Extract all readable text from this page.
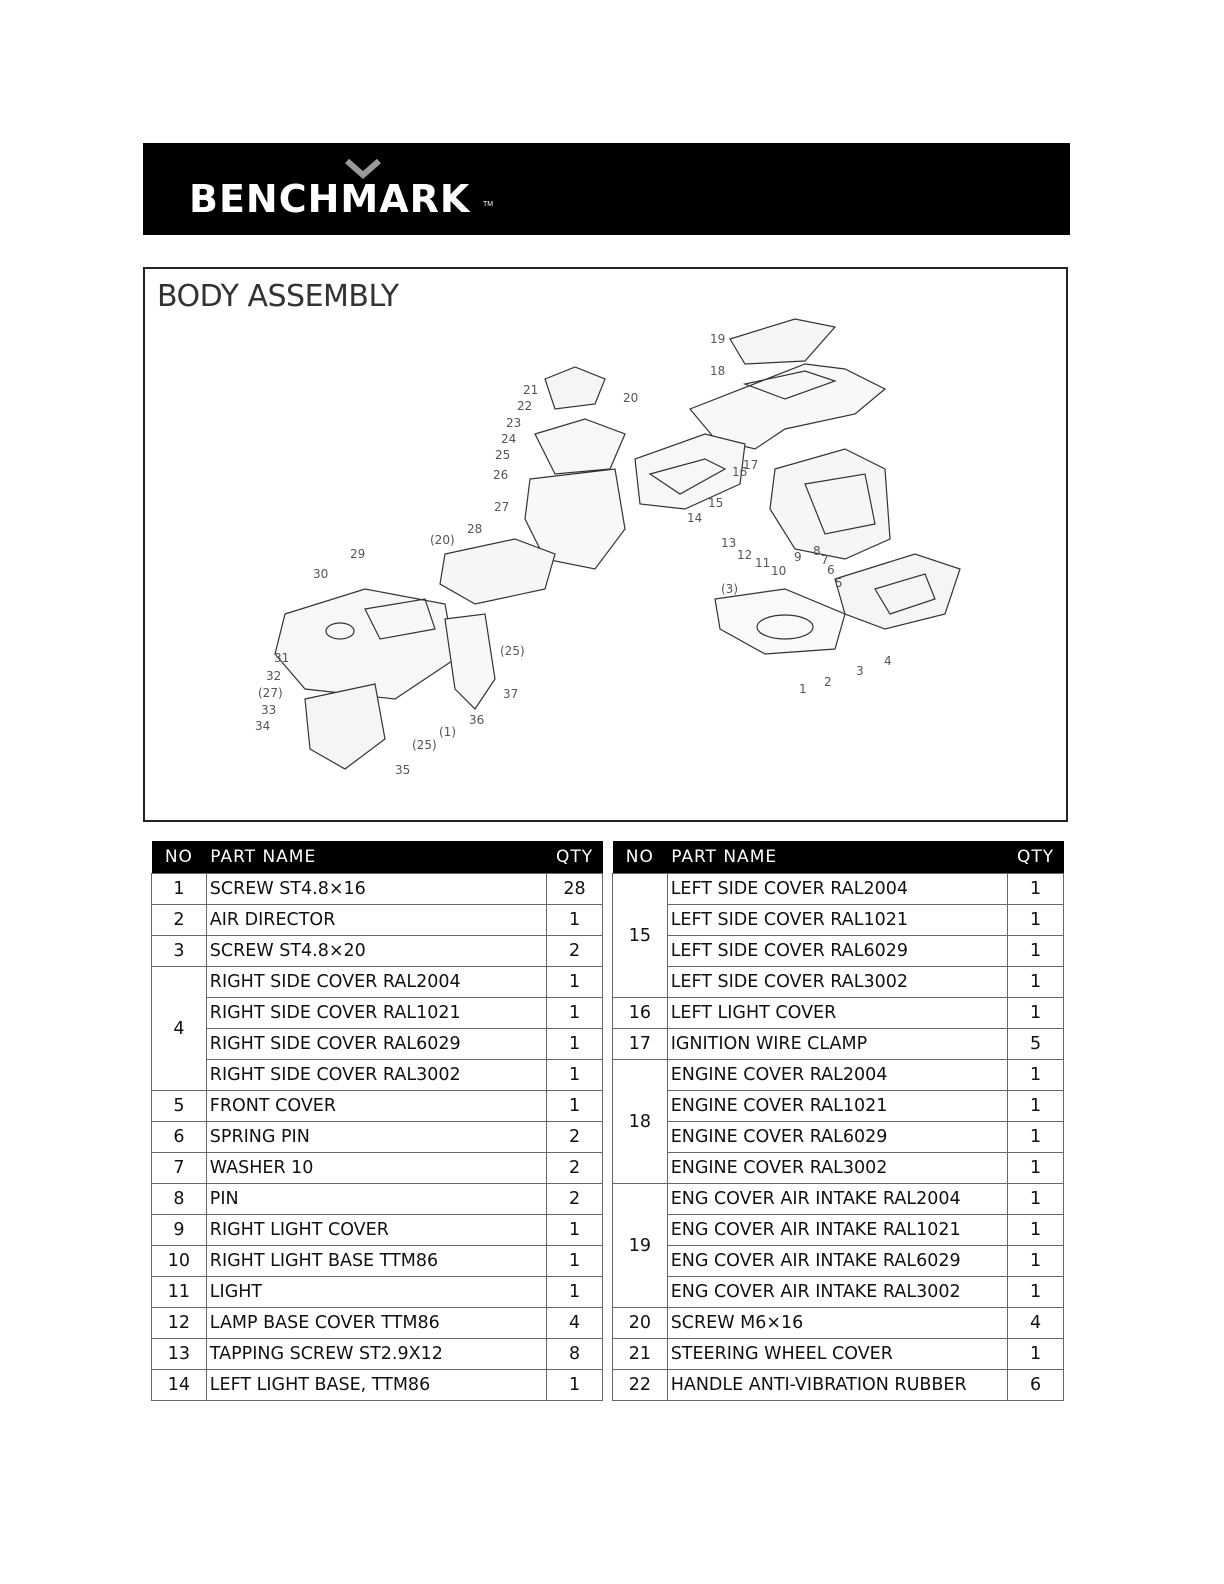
BENCHMARK TM
BODY ASSEMBLY
19
18
21
20
22
23
24
25
26
17
16
15
14
27
(20)
28
13
12
11
10
9 8
7
6
5
29
30
(3)
(25)
4
3
2
1
31
32
(27)
33
34
37
36
(1)
(25)
35
NO	PART NAME	QTY
1	SCREW ST4.8×16	28
2	AIR DIRECTOR	1
3	SCREW ST4.8×20	2
4	RIGHT SIDE COVER RAL2004	1
	RIGHT SIDE COVER RAL1021	1
	RIGHT SIDE COVER RAL6029	1
	RIGHT SIDE COVER RAL3002	1
5	FRONT COVER	1
6	SPRING PIN	2
7	WASHER 10	2
8	PIN	2
9	RIGHT LIGHT COVER	1
10	RIGHT LIGHT BASE TTM86	1
11	LIGHT	1
12	LAMP BASE COVER TTM86	4
13	TAPPING SCREW ST2.9X12	8
14	LEFT LIGHT BASE, TTM86	1
NO	PART NAME	QTY
15	LEFT SIDE COVER RAL2004	1
	LEFT SIDE COVER RAL1021	1
	LEFT SIDE COVER RAL6029	1
	LEFT SIDE COVER RAL3002	1
16	LEFT LIGHT COVER	1
17	IGNITION WIRE CLAMP	5
18	ENGINE COVER RAL2004	1
	ENGINE COVER RAL1021	1
	ENGINE COVER RAL6029	1
	ENGINE COVER RAL3002	1
19	ENG COVER AIR INTAKE RAL2004	1
	ENG COVER AIR INTAKE RAL1021	1
	ENG COVER AIR INTAKE RAL6029	1
	ENG COVER AIR INTAKE RAL3002	1
20	SCREW M6×16	4
21	STEERING WHEEL COVER	1
22	HANDLE ANTI-VIBRATION RUBBER	6
